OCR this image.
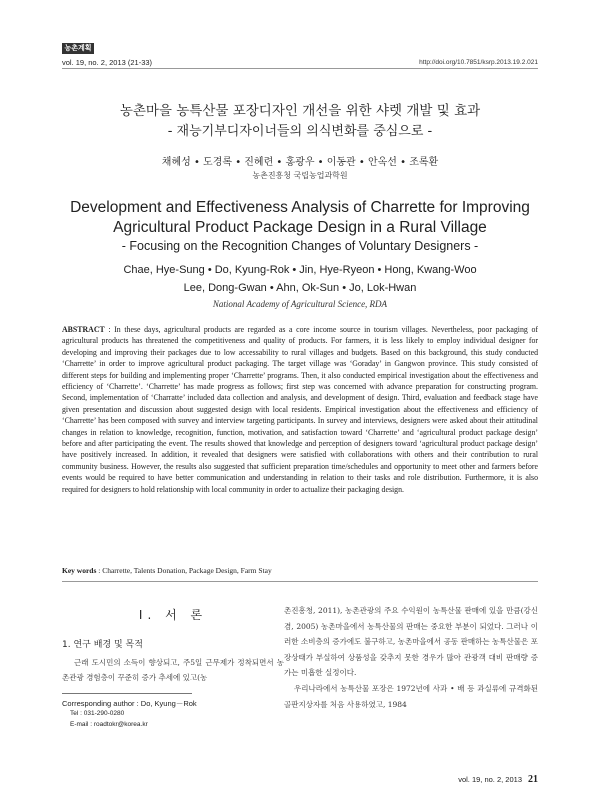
농촌계획
vol. 19, no. 2, 2013 (21-33)	http://doi.org/10.7851/ksrp.2013.19.2.021
농촌마을 농특산물 포장디자인 개선을 위한 샤렛 개발 및 효과
- 재능기부디자이너들의 의식변화를 중심으로 -
채혜성 • 도경록 • 진혜련 • 홍광우 • 이동관 • 안옥선 • 조록환
농촌진흥청 국립농업과학원
Development and Effectiveness Analysis of Charrette for Improving
Agricultural Product Package Design in a Rural Village
- Focusing on the Recognition Changes of Voluntary Designers -
Chae, Hye-Sung • Do, Kyung-Rok • Jin, Hye-Ryeon • Hong, Kwang-Woo
Lee, Dong-Gwan • Ahn, Ok-Sun • Jo, Lok-Hwan
National Academy of Agricultural Science, RDA
ABSTRACT : In these days, agricultural products are regarded as a core income source in tourism villages. Nevertheless, poor packaging of agricultural products has threatened the competitiveness and quality of products. For farmers, it is less likely to employ individual designer for developing and improving their packages due to low accessability to rural villages and budgets. Based on this background, this study conducted ‘Charrette’ in order to improve agricultural product packaging. The target village was ‘Goraday’ in Gangwon province. This study consisted of different steps for building and implementing proper ‘Charrette’ programs. Then, it also conducted empirical investigation about the effectiveness and efficiency of ‘Charrette’. ‘Charrette’ has made progress as follows; first step was concerned with advance preparation for constructing program. Second, implementation of ‘Charratte’ included data collection and analysis, and development of design. Third, evaluation and feedback stage have given presentation and discussion about suggested design with local residents. Empirical investigation about the effectiveness and efficiency of ‘Charrette’ has been composed with survey and interview targeting participants. In survey and interviews, designers were asked about their attitudinal changes in relation to knowledge, recognition, function, motivation, and satisfaction toward ‘Charrette’ and ‘agricultural product package design’ before and after participating the event. The results showed that knowledge and perception of designers toward ‘agricultural product package design’ have positively increased. In addition, it revealed that designers were satisfied with collaborations with others and their contribution to rural community business. However, the results also suggested that sufficient preparation time/schedules and opportunity to meet other and farmers before events would be required to have better communication and understanding in relation to their tasks and role distribution. Furthermore, it is also required for designers to hold relationship with local community in order to actualize their packaging design.
Key words : Charrette, Talents Donation, Package Design, Farm Stay
Ⅰ. 서 론
1. 연구 배경 및 목적
근래 도시민의 소득이 향상되고, 주5일 근무제가 정착되면서 농촌관광 경험층이 꾸준히 증가 추세에 있고(농
Corresponding author : Do, Kyung－Rok
Tel : 031-290-0280
E-mail : roadtokr@korea.kr

촌진흥청, 2011), 농촌관광의 주요 수익원이 농특산물 판매에 있을 만큼(강신겸, 2005) 농촌마을에서 농특산물의 판매는 중요한 부분이 되었다. 그러나 이러한 소비층의 증가에도 불구하고, 농촌마을에서 공동 판매하는 농특산물은 포장상태가 부실하여 상품성을 갖추지 못한 경우가 많아 관광객 대비 판매량 증가는 미흡한 실정이다.

우리나라에서 농특산물 포장은 1972년에 사과 • 배 등 과실류에 규격화된 골판지상자를 처음 사용하였고, 1984

vol. 19, no. 2, 2013 21
